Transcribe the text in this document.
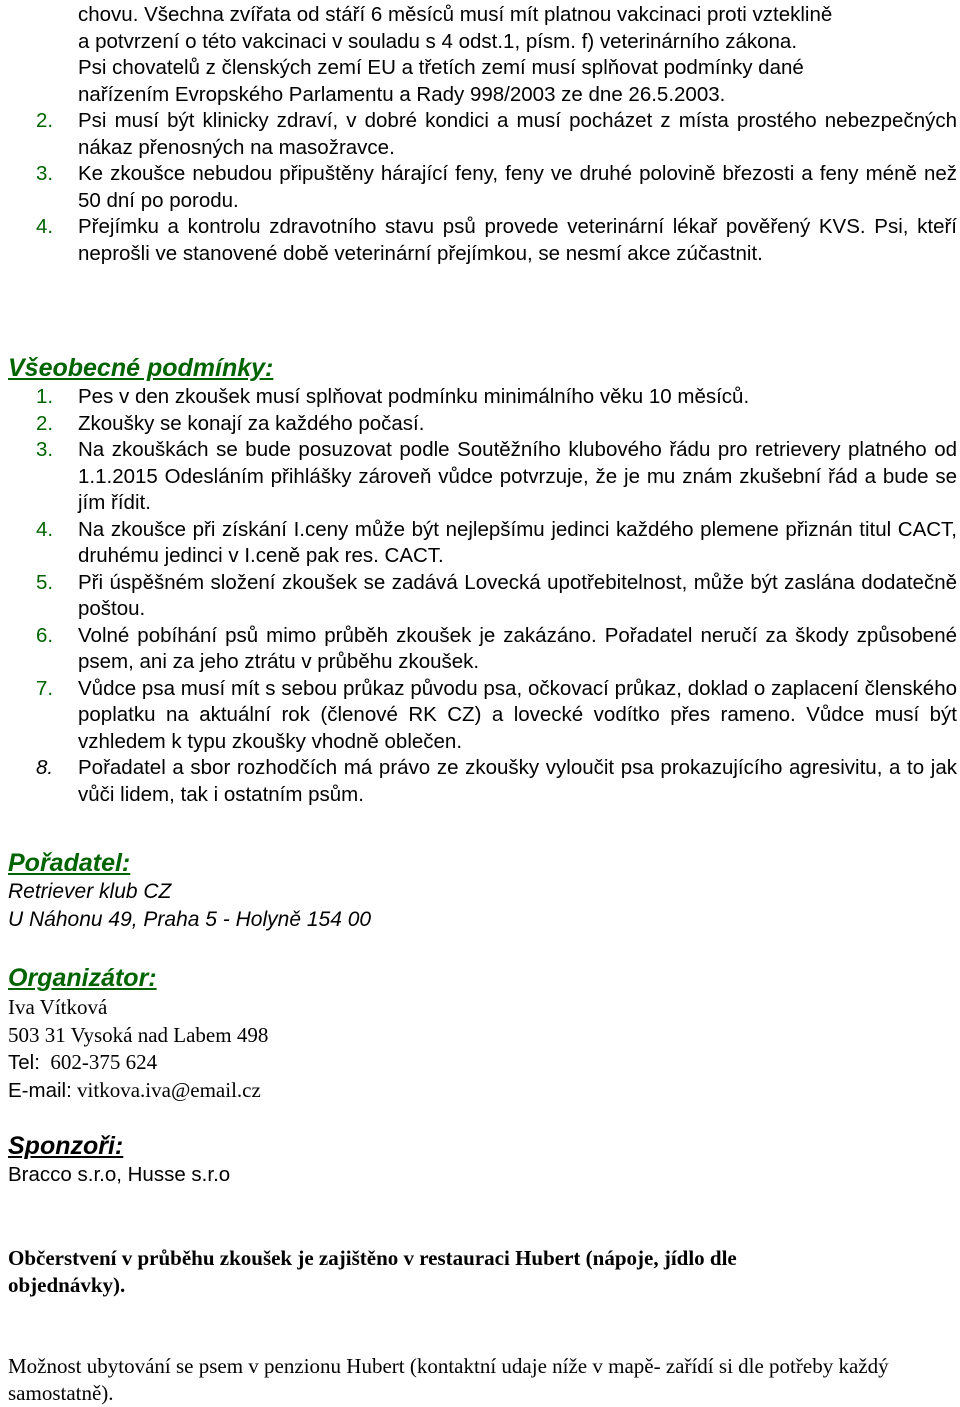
chovu. Všechna zvířata od stáří 6 měsíců musí mít platnou vakcinaci proti vzteklině
a potvrzení o této vakcinaci v souladu s 4 odst.1, písm. f) veterinárního zákona.
Psi chovatelů z členských zemí EU a třetích zemí musí splňovat podmínky dané
nařízením Evropského Parlamentu a Rady 998/2003 ze dne 26.5.2003.
2. Psi musí být klinicky zdraví, v dobré kondici a musí pocházet z místa prostého nebezpečných nákaz přenosných na masožravce.
3. Ke zkoušce nebudou připuštěny hárající feny, feny ve druhé polovině březosti a feny méně než 50 dní po porodu.
4. Přejímku a kontrolu zdravotního stavu psů provede veterinární lékař pověřený KVS. Psi, kteří neprošli ve stanovené době veterinární přejímkou, se nesmí akce zúčastnit.
Všeobecné podmínky:
1. Pes v den zkoušek musí splňovat podmínku minimálního věku 10 měsíců.
2. Zkoušky se konají za každého počasí.
3. Na zkouškách se bude posuzovat podle Soutěžního klubového řádu pro retrievery platného od 1.1.2015 Odesláním přihlášky zároveň vůdce potvrzuje, že je mu znám zkušební řád a bude se jím řídit.
4. Na zkoušce při získání I.ceny může být nejlepšímu jedinci každého plemene přiznán titul CACT, druhému jedinci v I.ceně pak res. CACT.
5. Při úspěšném složení zkoušek se zadává Lovecká upotřebitelnost, může být zaslána dodatečně poštou.
6. Volné pobíhání psů mimo průběh zkoušek je zakázáno. Pořadatel neručí za škody způsobené psem, ani za jeho ztrátu v průběhu zkoušek.
7. Vůdce psa musí mít s sebou průkaz původu psa, očkovací průkaz, doklad o zaplacení členského poplatku na aktuální rok (členové RK CZ) a lovecké vodítko přes rameno. Vůdce musí být vzhledem k typu zkoušky vhodně oblečen.
8. Pořadatel a sbor rozhodčích má právo ze zkoušky vyloučit psa prokazujícího agresivitu, a to jak vůči lidem, tak i ostatním psům.
Pořadatel:
Retriever klub CZ
U Náhonu 49, Praha 5 - Holyně 154 00
Organizátor:
Iva Vítková
503 31 Vysoká nad Labem 498
Tel: 602-375 624
E-mail: vitkova.iva@email.cz
Sponzoři:
Bracco s.r.o, Husse s.r.o
Občerstvení v průběhu zkoušek je zajištěno v restauraci Hubert (nápoje, jídlo dle objednávky).
Možnost ubytování se psem v penzionu Hubert (kontaktní udaje níže v mapě- zařídí si dle potřeby každý samostatně).
